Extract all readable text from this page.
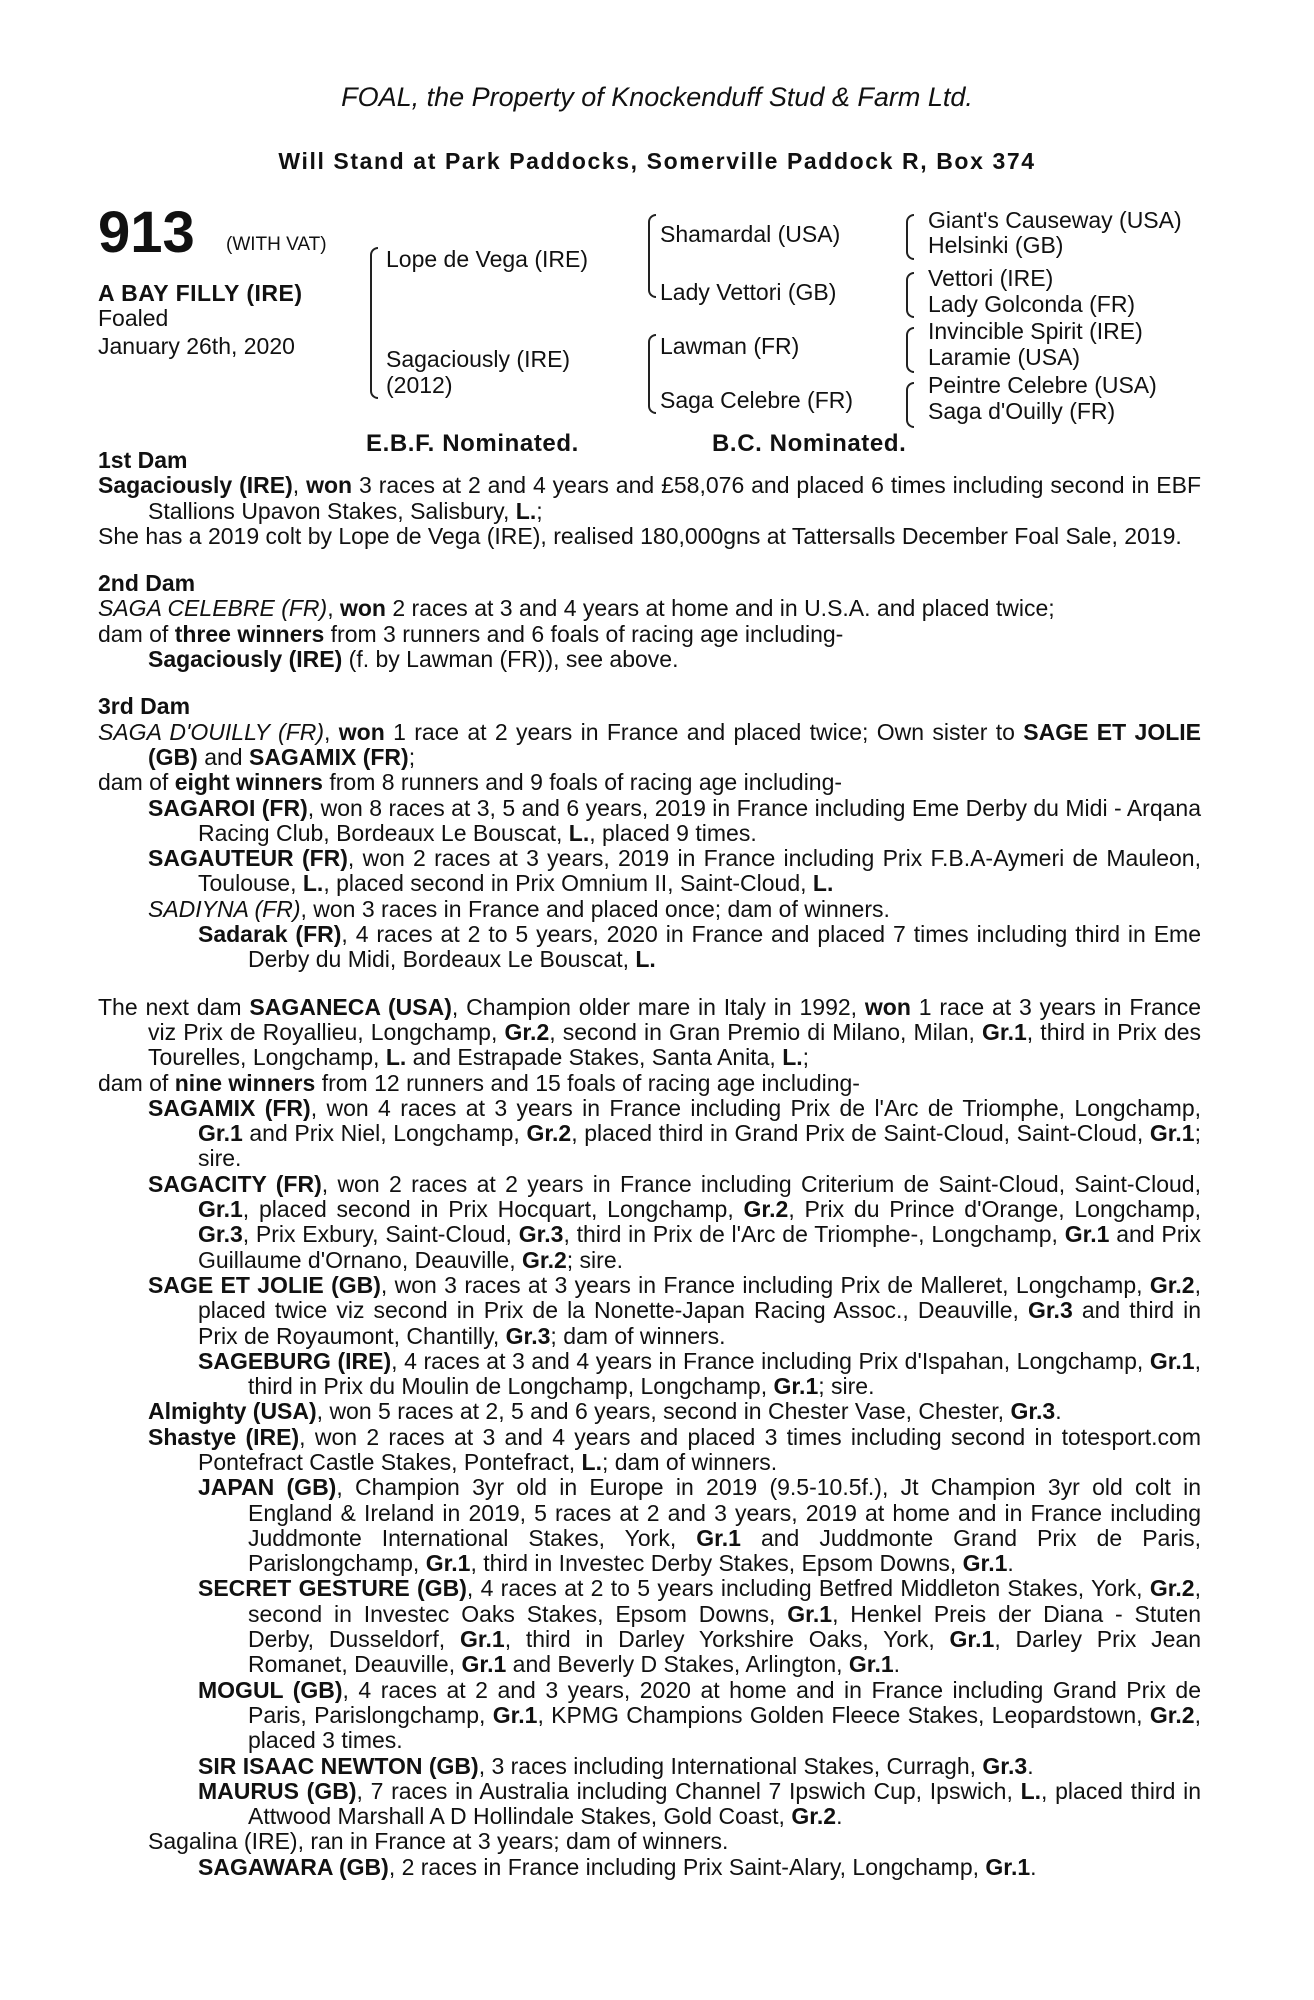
FOAL, the Property of Knockenduff Stud & Farm Ltd.
Will Stand at Park Paddocks, Somerville Paddock R, Box 374
913 (WITH VAT)
A BAY FILLY (IRE)
Foaled
January 26th, 2020
Lope de Vega (IRE)
Sagaciously (IRE)
(2012)
Shamardal (USA)
Lady Vettori (GB)
Lawman (FR)
Saga Celebre (FR)
Giant's Causeway (USA)
Helsinki (GB)
Vettori (IRE)
Lady Golconda (FR)
Invincible Spirit (IRE)
Laramie (USA)
Peintre Celebre (USA)
Saga d'Ouilly (FR)
E.B.F. Nominated.	B.C. Nominated.
1st Dam
Sagaciously (IRE), won 3 races at 2 and 4 years and £58,076 and placed 6 times including second in EBF Stallions Upavon Stakes, Salisbury, L.;
She has a 2019 colt by Lope de Vega (IRE), realised 180,000gns at Tattersalls December Foal Sale, 2019.
2nd Dam
SAGA CELEBRE (FR), won 2 races at 3 and 4 years at home and in U.S.A. and placed twice;
dam of three winners from 3 runners and 6 foals of racing age including-
Sagaciously (IRE) (f. by Lawman (FR)), see above.
3rd Dam
SAGA D'OUILLY (FR), won 1 race at 2 years in France and placed twice; Own sister to SAGE ET JOLIE (GB) and SAGAMIX (FR);
dam of eight winners from 8 runners and 9 foals of racing age including-
SAGAROI (FR), won 8 races at 3, 5 and 6 years, 2019 in France including Eme Derby du Midi - Arqana Racing Club, Bordeaux Le Bouscat, L., placed 9 times.
SAGAUTEUR (FR), won 2 races at 3 years, 2019 in France including Prix F.B.A-Aymeri de Mauleon, Toulouse, L., placed second in Prix Omnium II, Saint-Cloud, L.
SADIYNA (FR), won 3 races in France and placed once; dam of winners.
Sadarak (FR), 4 races at 2 to 5 years, 2020 in France and placed 7 times including third in Eme Derby du Midi, Bordeaux Le Bouscat, L.
The next dam SAGANECA (USA), Champion older mare in Italy in 1992, won 1 race at 3 years in France viz Prix de Royallieu, Longchamp, Gr.2, second in Gran Premio di Milano, Milan, Gr.1, third in Prix des Tourelles, Longchamp, L. and Estrapade Stakes, Santa Anita, L.;
dam of nine winners from 12 runners and 15 foals of racing age including-
SAGAMIX (FR), won 4 races at 3 years in France including Prix de l'Arc de Triomphe, Longchamp, Gr.1 and Prix Niel, Longchamp, Gr.2, placed third in Grand Prix de Saint-Cloud, Saint-Cloud, Gr.1; sire.
SAGACITY (FR), won 2 races at 2 years in France including Criterium de Saint-Cloud, Saint-Cloud, Gr.1, placed second in Prix Hocquart, Longchamp, Gr.2, Prix du Prince d'Orange, Longchamp, Gr.3, Prix Exbury, Saint-Cloud, Gr.3, third in Prix de l'Arc de Triomphe-, Longchamp, Gr.1 and Prix Guillaume d'Ornano, Deauville, Gr.2; sire.
SAGE ET JOLIE (GB), won 3 races at 3 years in France including Prix de Malleret, Longchamp, Gr.2, placed twice viz second in Prix de la Nonette-Japan Racing Assoc., Deauville, Gr.3 and third in Prix de Royaumont, Chantilly, Gr.3; dam of winners.
SAGEBURG (IRE), 4 races at 3 and 4 years in France including Prix d'Ispahan, Longchamp, Gr.1, third in Prix du Moulin de Longchamp, Longchamp, Gr.1; sire.
Almighty (USA), won 5 races at 2, 5 and 6 years, second in Chester Vase, Chester, Gr.3.
Shastye (IRE), won 2 races at 3 and 4 years and placed 3 times including second in totesport.com Pontefract Castle Stakes, Pontefract, L.; dam of winners.
JAPAN (GB), Champion 3yr old in Europe in 2019 (9.5-10.5f.), Jt Champion 3yr old colt in England & Ireland in 2019, 5 races at 2 and 3 years, 2019 at home and in France including Juddmonte International Stakes, York, Gr.1 and Juddmonte Grand Prix de Paris, Parislongchamp, Gr.1, third in Investec Derby Stakes, Epsom Downs, Gr.1.
SECRET GESTURE (GB), 4 races at 2 to 5 years including Betfred Middleton Stakes, York, Gr.2, second in Investec Oaks Stakes, Epsom Downs, Gr.1, Henkel Preis der Diana - Stuten Derby, Dusseldorf, Gr.1, third in Darley Yorkshire Oaks, York, Gr.1, Darley Prix Jean Romanet, Deauville, Gr.1 and Beverly D Stakes, Arlington, Gr.1.
MOGUL (GB), 4 races at 2 and 3 years, 2020 at home and in France including Grand Prix de Paris, Parislongchamp, Gr.1, KPMG Champions Golden Fleece Stakes, Leopardstown, Gr.2, placed 3 times.
SIR ISAAC NEWTON (GB), 3 races including International Stakes, Curragh, Gr.3.
MAURUS (GB), 7 races in Australia including Channel 7 Ipswich Cup, Ipswich, L., placed third in Attwood Marshall A D Hollindale Stakes, Gold Coast, Gr.2.
Sagalina (IRE), ran in France at 3 years; dam of winners.
SAGAWARA (GB), 2 races in France including Prix Saint-Alary, Longchamp, Gr.1.
